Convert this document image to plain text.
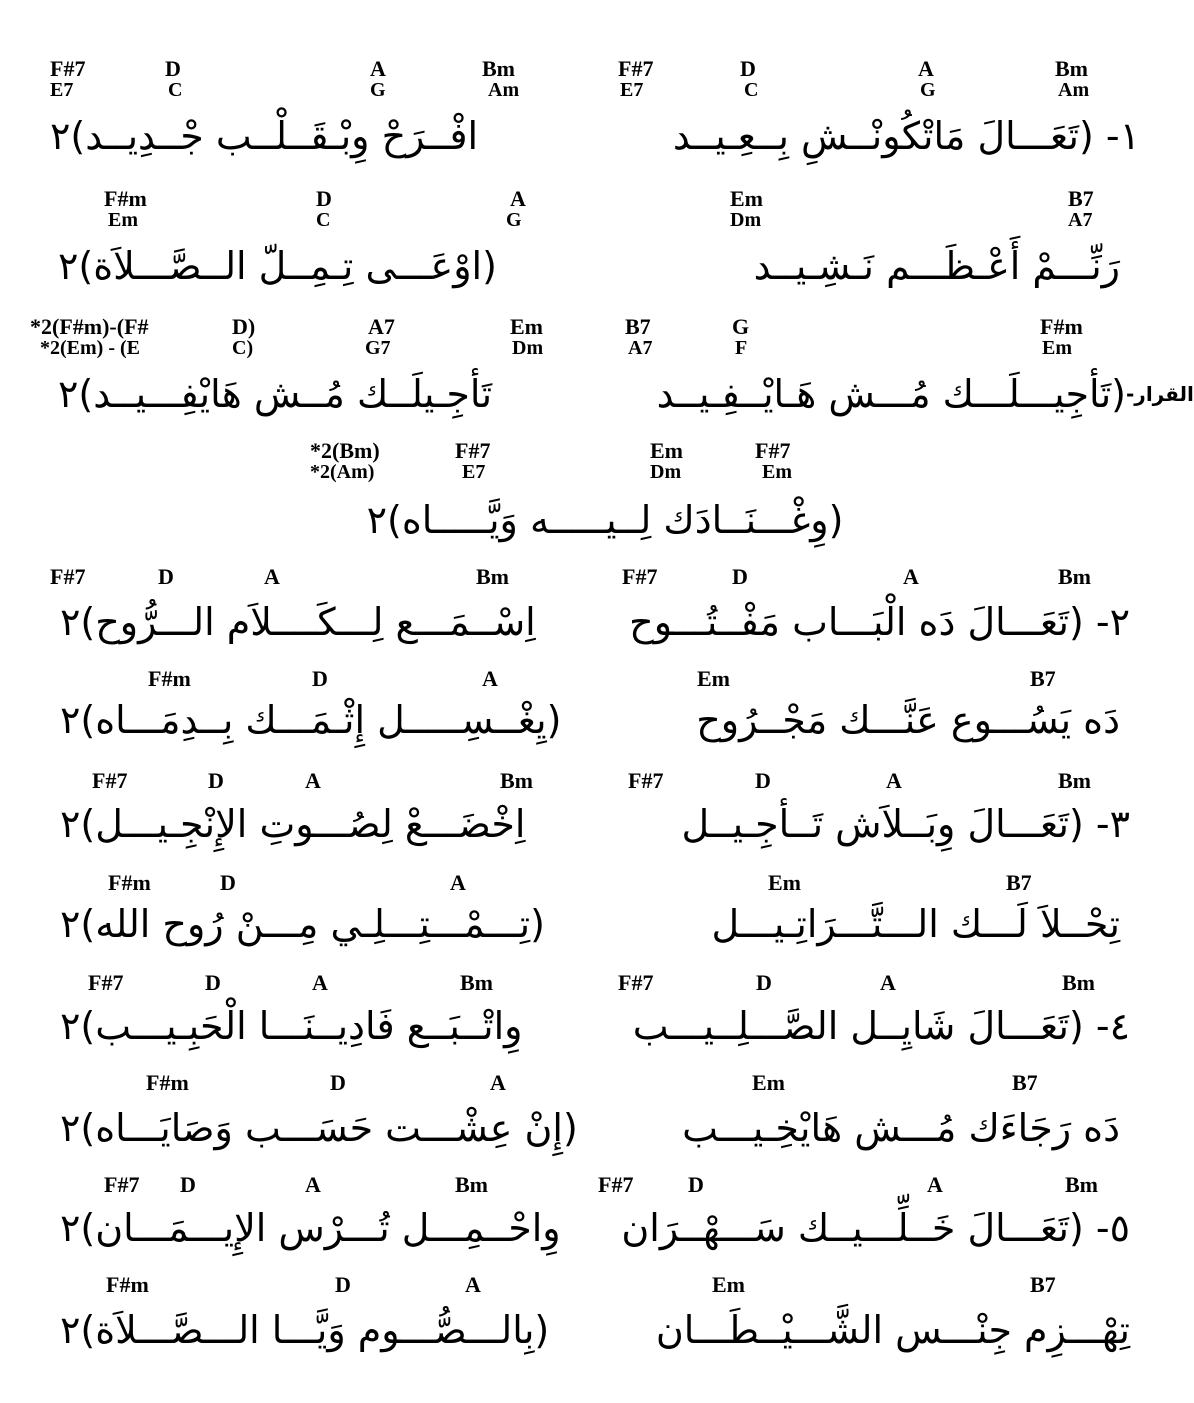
F#7	D	A	Bm	F#7	D	A	Bm
E7	C	G	Am	E7	C	G	Am
١- (تَعَـــالَ مَاتْكُونْــشِ بِــعِـيــد
افْــرَحْ وِبْـقَــلْــب جْــدِيــد)٢
F#m	D	A	Em	B7
Em	C	G	Dm	A7
رَنِّـــمْ أَعْـظَـــم نَـشِـيــد
(اوْعَـــى تِـمِــلّ الــصَّـــلاَة)٢
*2(F#m)-(F#	D)	A7	Em	B7	G	F#m
*2(Em) - (E	C)	G7	Dm	A7	F	Em
القرار-
(تَأجِيـــلَـــك مُـــش هَـايْــفِـيــد
تَأجِـيلَــك مُــش هَايْفِـــيــد)٢
*2(Bm)	F#7	Em	F#7
*2(Am)	E7	Dm	Em
(وِغْـــنَــادَك لِــيـــــه وَيَّـــــاه)٢
F#7	D	A	Bm	F#7	D	A	Bm
٢- (تَعَـــالَ دَه الْبَـــاب مَفْــتُـــوح
اِسْــمَـــع لِـــكَــــلاَم الـــرُّوح)٢
F#m	D	A	Em	B7
دَه يَسُـــوع عَنَّـــك مَجْــرُوح
(يِغْــسِـــــل إِثْـمَـــك بِــدِمَـــاه)٢
F#7	D	A	Bm	F#7	D	A	Bm
٣- (تَعَـــالَ وِبَــلاَش تَــأجِـيــل
اِخْضَـــعْ لِصُـــوتِ الإِنْجِـيـــل)٢
F#m	D	A	Em	B7
تِحْــلاَ لَـــك الـــتَّـــرَاتِـيـــل
(تِـــمْـــتِـــلِـي مِـــنْ رُوح الله)٢
F#7	D	A	Bm	F#7	D	A	Bm
٤- (تَعَـــالَ شَايِــل الصَّـــلِــيـــب
وِاتْــبَــع فَادِيــنَـــا الْحَبِـيـــب)٢
F#m	D	A	Em	B7
دَه رَجَاءَك مُـــش هَايْخِـيـــب
(إِنْ عِشْـــت حَسَـــب وَصَايَـــاه)٢
F#7 D	A	Bm	F#7 D	A	Bm
٥- (تَعَـــالَ خَــلِّـــيــك سَـــهْــرَان
وِاحْــمِـــل تُـــرْس الإِيـــمَـــان)٢
F#m	D	A	Em	B7
تِهْـــزِم جِنْـــس الشَّـــيْــطَـــان
(بِالـــصُّـــوم وَيَّـــا الـــصَّـــلاَة)٢
